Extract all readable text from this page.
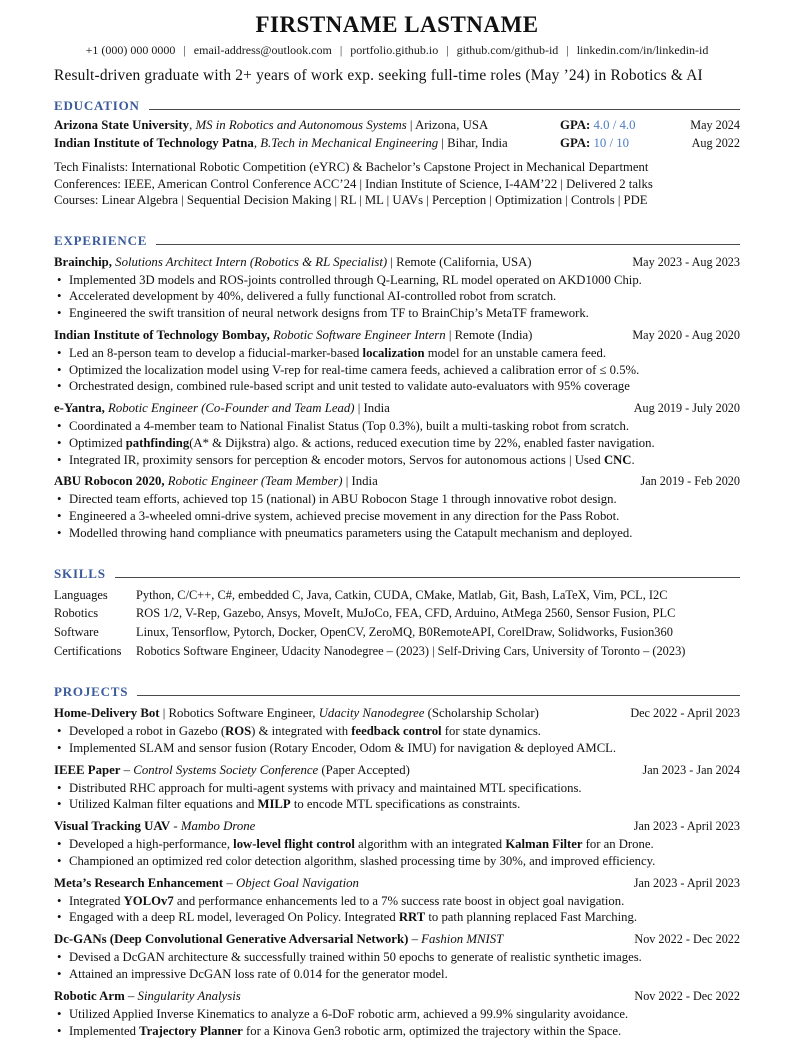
FIRSTNAME LASTNAME
+1 (000) 000 0000 | email-address@outlook.com | portfolio.github.io | github.com/github-id | linkedin.com/in/linkedin-id
Result-driven graduate with 2+ years of work exp. seeking full-time roles (May ’24) in Robotics & AI
EDUCATION
Arizona State University, MS in Robotics and Autonomous Systems | Arizona, USA	GPA: 4.0 / 4.0	May 2024
Indian Institute of Technology Patna, B.Tech in Mechanical Engineering | Bihar, India	GPA: 10 / 10	Aug 2022
Tech Finalists: International Robotic Competition (eYRC) & Bachelor’s Capstone Project in Mechanical Department
Conferences: IEEE, American Control Conference ACC’24 | Indian Institute of Science, I-4AM’22 | Delivered 2 talks
Courses: Linear Algebra | Sequential Decision Making | RL | ML | UAVs | Perception | Optimization | Controls | PDE
EXPERIENCE
Brainchip, Solutions Architect Intern (Robotics & RL Specialist) | Remote (California, USA)	May 2023 - Aug 2023
• Implemented 3D models and ROS-joints controlled through Q-Learning, RL model operated on AKD1000 Chip.
• Accelerated development by 40%, delivered a fully functional AI-controlled robot from scratch.
• Engineered the swift transition of neural network designs from TF to BrainChip’s MetaTF framework.
Indian Institute of Technology Bombay, Robotic Software Engineer Intern | Remote (India)	May 2020 - Aug 2020
• Led an 8-person team to develop a fiducial-marker-based localization model for an unstable camera feed.
• Optimized the localization model using V-rep for real-time camera feeds, achieved a calibration error of ≤ 0.5%.
• Orchestrated design, combined rule-based script and unit tested to validate auto-evaluators with 95% coverage
e-Yantra, Robotic Engineer (Co-Founder and Team Lead) | India	Aug 2019 - July 2020
• Coordinated a 4-member team to National Finalist Status (Top 0.3%), built a multi-tasking robot from scratch.
• Optimized pathfinding(A* & Dijkstra) algo. & actions, reduced execution time by 22%, enabled faster navigation.
• Integrated IR, proximity sensors for perception & encoder motors, Servos for autonomous actions | Used CNC.
ABU Robocon 2020, Robotic Engineer (Team Member) | India	Jan 2019 - Feb 2020
• Directed team efforts, achieved top 15 (national) in ABU Robocon Stage 1 through innovative robot design.
• Engineered a 3-wheeled omni-drive system, achieved precise movement in any direction for the Pass Robot.
• Modelled throwing hand compliance with pneumatics parameters using the Catapult mechanism and deployed.
SKILLS
Languages	Python, C/C++, C#, embedded C, Java, Catkin, CUDA, CMake, Matlab, Git, Bash, LaTeX, Vim, PCL, I2C
Robotics	ROS 1/2, V-Rep, Gazebo, Ansys, MoveIt, MuJoCo, FEA, CFD, Arduino, AtMega 2560, Sensor Fusion, PLC
Software	Linux, Tensorflow, Pytorch, Docker, OpenCV, ZeroMQ, B0RemoteAPI, CorelDraw, Solidworks, Fusion360
Certifications	Robotics Software Engineer, Udacity Nanodegree – (2023) | Self-Driving Cars, University of Toronto – (2023)
PROJECTS
Home-Delivery Bot | Robotics Software Engineer, Udacity Nanodegree (Scholarship Scholar)	Dec 2022 - April 2023
• Developed a robot in Gazebo (ROS) & integrated with feedback control for state dynamics.
• Implemented SLAM and sensor fusion (Rotary Encoder, Odom & IMU) for navigation & deployed AMCL.
IEEE Paper – Control Systems Society Conference (Paper Accepted)	Jan 2023 - Jan 2024
• Distributed RHC approach for multi-agent systems with privacy and maintained MTL specifications.
• Utilized Kalman filter equations and MILP to encode MTL specifications as constraints.
Visual Tracking UAV - Mambo Drone	Jan 2023 - April 2023
• Developed a high-performance, low-level flight control algorithm with an integrated Kalman Filter for an Drone.
• Championed an optimized red color detection algorithm, slashed processing time by 30%, and improved efficiency.
Meta’s Research Enhancement – Object Goal Navigation	Jan 2023 - April 2023
• Integrated YOLOv7 and performance enhancements led to a 7% success rate boost in object goal navigation.
• Engaged with a deep RL model, leveraged On Policy. Integrated RRT to path planning replaced Fast Marching.
Dc-GANs (Deep Convolutional Generative Adversarial Network) – Fashion MNIST	Nov 2022 - Dec 2022
• Devised a DcGAN architecture & successfully trained within 50 epochs to generate of realistic synthetic images.
• Attained an impressive DcGAN loss rate of 0.014 for the generator model.
Robotic Arm – Singularity Analysis	Nov 2022 - Dec 2022
• Utilized Applied Inverse Kinematics to analyze a 6-DoF robotic arm, achieved a 99.9% singularity avoidance.
• Implemented Trajectory Planner for a Kinova Gen3 robotic arm, optimized the trajectory within the Space.
